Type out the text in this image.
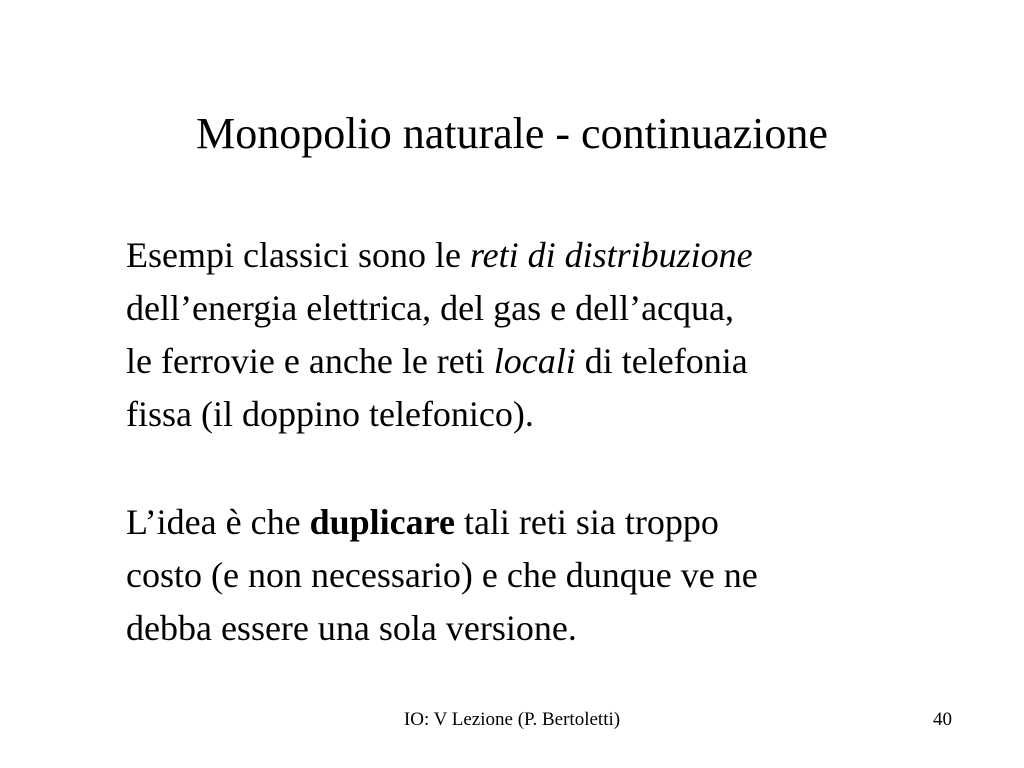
Monopolio naturale - continuazione
Esempi classici sono le reti di distribuzione
dell’energia elettrica, del gas e dell’acqua,
le ferrovie e anche le reti locali di telefonia
fissa (il doppino telefonico).
L’idea è che duplicare tali reti sia troppo
costo (e non necessario) e che dunque ve ne
debba essere una sola versione.
IO: V Lezione (P. Bertoletti)	40
